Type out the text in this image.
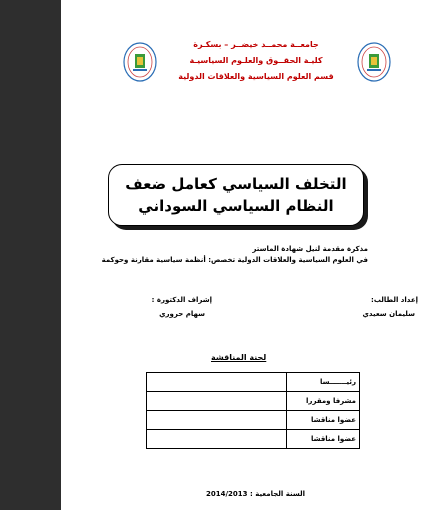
جامعــة محمــد خيضــر – بسكـرة
كليـة الحقــوق والعلـوم السياسيـة
قسم العلوم السياسية والعلاقات الدولية
التخلف السياسي كعامل ضعف
النظام السياسي السوداني
مذكرة مقدمة لنيل شهادة الماستر
في العلوم السياسية والعلاقات الدولية تخصص: أنظمة سياسية مقارنة وحوكمة
إعداد الطالب:
سليمان سعيدي
إشراف الدكتورة :
سهام حروري
لجنة المناقشة
رئيـــــــسا	
مشرفا ومقررا	
عضوا مناقشا	
عضوا مناقشا	
السنة الجامعية : 2014/2013
